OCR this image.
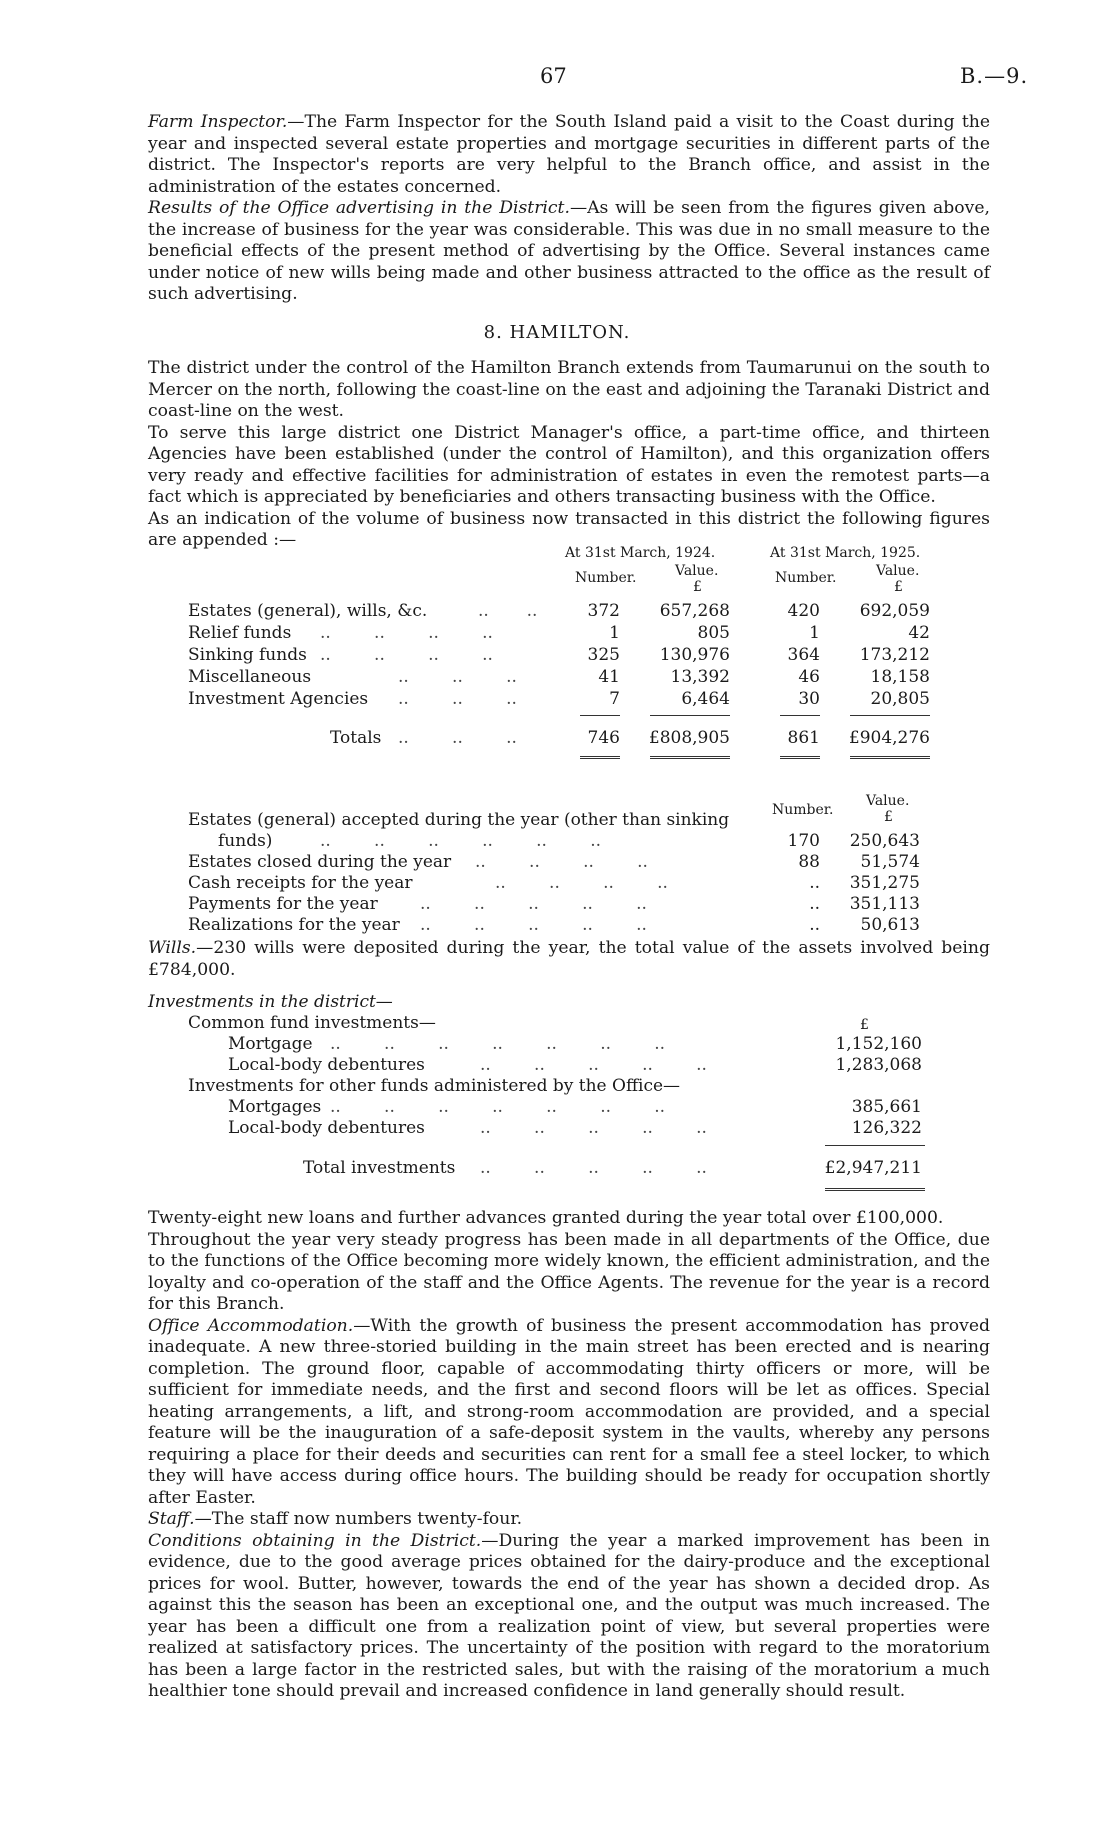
67	B.—9.

Farm Inspector.—The Farm Inspector for the South Island paid a visit to the Coast during the year and inspected several estate properties and mortgage securities in different parts of the district. The Inspector's reports are very helpful to the Branch office, and assist in the administration of the estates concerned.

Results of the Office advertising in the District.—As will be seen from the figures given above, the increase of business for the year was considerable. This was due in no small measure to the beneficial effects of the present method of advertising by the Office. Several instances came under notice of new wills being made and other business attracted to the office as the result of such advertising.

8. HAMILTON.

The district under the control of the Hamilton Branch extends from Taumarunui on the south to Mercer on the north, following the coast-line on the east and adjoining the Taranaki District and coast-line on the west.

To serve this large district one District Manager's office, a part-time office, and thirteen Agencies have been established (under the control of Hamilton), and this organization offers very ready and effective facilities for administration of estates in even the remotest parts—a fact which is appreciated by beneficiaries and others transacting business with the Office.

As an indication of the volume of business now transacted in this district the following figures are appended :—

At 31st March, 1924.	At 31st March, 1925.
Number.	Value.
£
Number.	Value.
£
Estates (general), wills, &c.	..       ..	372	657,268	420	692,059
Relief funds ..        ..        ..        ..	1	805	1	42
Sinking funds ..        ..        ..        ..	325	130,976	364	173,212
Miscellaneous	..        ..        ..	41	13,392	46	18,158
Investment Agencies ..        ..        ..	7	6,464	30	20,805
Totals ..        ..        ..	746	£808,905	861	£904,276
Number.
Value.
£
Estates (general) accepted during the year (other than sinking
funds)	..        ..        ..        ..        ..        ..	170	250,643
Estates closed during the year ..        ..        ..        ..	88	51,574
Cash receipts for the year	..        ..        ..        ..	..	351,275
Payments for the year ..        ..        ..        ..        ..	..	351,113
Realizations for the year ..        ..        ..        ..        ..	..	50,613

Wills.—230 wills were deposited during the year, the total value of the assets involved being £784,000.

Investments in the district—
Common fund investments—	£
Mortgage ..        ..        ..        ..        ..        ..        ..	1,152,160
Local-body debentures	..        ..        ..        ..        ..	1,283,068
Investments for other funds administered by the Office—
Mortgages ..        ..        ..        ..        ..        ..        ..	385,661
Local-body debentures	..        ..        ..        ..        ..	126,322
Total investments ..        ..        ..        ..        ..	£2,947,211

Twenty-eight new loans and further advances granted during the year total over £100,000.

Throughout the year very steady progress has been made in all departments of the Office, due to the functions of the Office becoming more widely known, the efficient administration, and the loyalty and co-operation of the staff and the Office Agents. The revenue for the year is a record for this Branch.

Office Accommodation.—With the growth of business the present accommodation has proved inadequate. A new three-storied building in the main street has been erected and is nearing completion. The ground floor, capable of accommodating thirty officers or more, will be sufficient for immediate needs, and the first and second floors will be let as offices. Special heating arrangements, a lift, and strong-room accommodation are provided, and a special feature will be the inauguration of a safe-deposit system in the vaults, whereby any persons requiring a place for their deeds and securities can rent for a small fee a steel locker, to which they will have access during office hours. The building should be ready for occupation shortly after Easter.

Staff.—The staff now numbers twenty-four.

Conditions obtaining in the District.—During the year a marked improvement has been in evidence, due to the good average prices obtained for the dairy-produce and the exceptional prices for wool. Butter, however, towards the end of the year has shown a decided drop. As against this the season has been an exceptional one, and the output was much increased. The year has been a difficult one from a realization point of view, but several properties were realized at satisfactory prices. The uncertainty of the position with regard to the moratorium has been a large factor in the restricted sales, but with the raising of the moratorium a much healthier tone should prevail and increased confidence in land generally should result.
